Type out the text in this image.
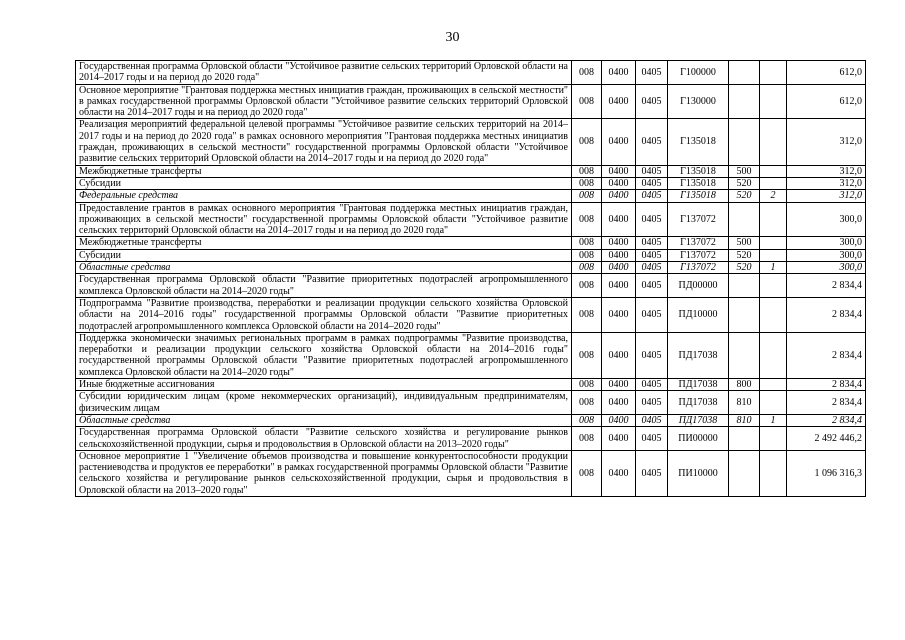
30
Государственная программа Орловской области "Устойчивое развитие сельских территорий Орловской области на 2014–2017 годы и на период до 2020 года"	008	0400	0405	Г100000			612,0
Основное мероприятие "Грантовая поддержка местных инициатив граждан, проживающих в сельской местности" в рамках государственной программы Орловской области "Устойчивое развитие сельских территорий Орловской области на 2014–2017 годы и на период до 2020 года"	008	0400	0405	Г130000			612,0
Реализация мероприятий федеральной целевой программы "Устойчивое развитие сельских территорий на 2014–2017 годы и на период до 2020 года" в рамках основного мероприятия "Грантовая поддержка местных инициатив граждан, проживающих в сельской местности" государственной программы Орловской области "Устойчивое развитие сельских территорий Орловской области на 2014–2017 годы и на период до 2020 года"	008	0400	0405	Г135018			312,0
Межбюджетные трансферты	008	0400	0405	Г135018	500		312,0
Субсидии	008	0400	0405	Г135018	520		312,0
Федеральные средства	008	0400	0405	Г135018	520	2	312,0
Предоставление грантов в рамках основного мероприятия "Грантовая поддержка местных инициатив граждан, проживающих в сельской местности" государственной программы Орловской области "Устойчивое развитие сельских территорий Орловской области на 2014–2017 годы и на период до 2020 года"	008	0400	0405	Г137072			300,0
Межбюджетные трансферты	008	0400	0405	Г137072	500		300,0
Субсидии	008	0400	0405	Г137072	520		300,0
Областные средства	008	0400	0405	Г137072	520	1	300,0
Государственная программа Орловской области "Развитие приоритетных подотраслей агропромышленного комплекса Орловской области на 2014–2020 годы"	008	0400	0405	ПД00000			2 834,4
Подпрограмма "Развитие производства, переработки и реализации продукции сельского хозяйства Орловской области на 2014–2016 годы" государственной программы Орловской области "Развитие приоритетных подотраслей агропромышленного комплекса Орловской области на 2014–2020 годы"	008	0400	0405	ПД10000			2 834,4
Поддержка экономически значимых региональных программ в рамках подпрограммы "Развитие производства, переработки и реализации продукции сельского хозяйства Орловской области на 2014–2016 годы" государственной программы Орловской области "Развитие приоритетных подотраслей агропромышленного комплекса Орловской области на 2014–2020 годы"	008	0400	0405	ПД17038			2 834,4
Иные бюджетные ассигнования	008	0400	0405	ПД17038	800		2 834,4
Субсидии юридическим лицам (кроме некоммерческих организаций), индивидуальным предпринимателям, физическим лицам	008	0400	0405	ПД17038	810		2 834,4
Областные средства	008	0400	0405	ПД17038	810	1	2 834,4
Государственная программа Орловской области "Развитие сельского хозяйства и регулирование рынков сельскохозяйственной продукции, сырья и продовольствия в Орловской области на 2013–2020 годы"	008	0400	0405	ПИ00000			2 492 446,2
Основное мероприятие 1 "Увеличение объемов производства и повышение конкурентоспособности продукции растениеводства и продуктов ее переработки" в рамках государственной программы Орловской области "Развитие сельского хозяйства и регулирование рынков сельскохозяйственной продукции, сырья и продовольствия в Орловской области на 2013–2020 годы"	008	0400	0405	ПИ10000			1 096 316,3
